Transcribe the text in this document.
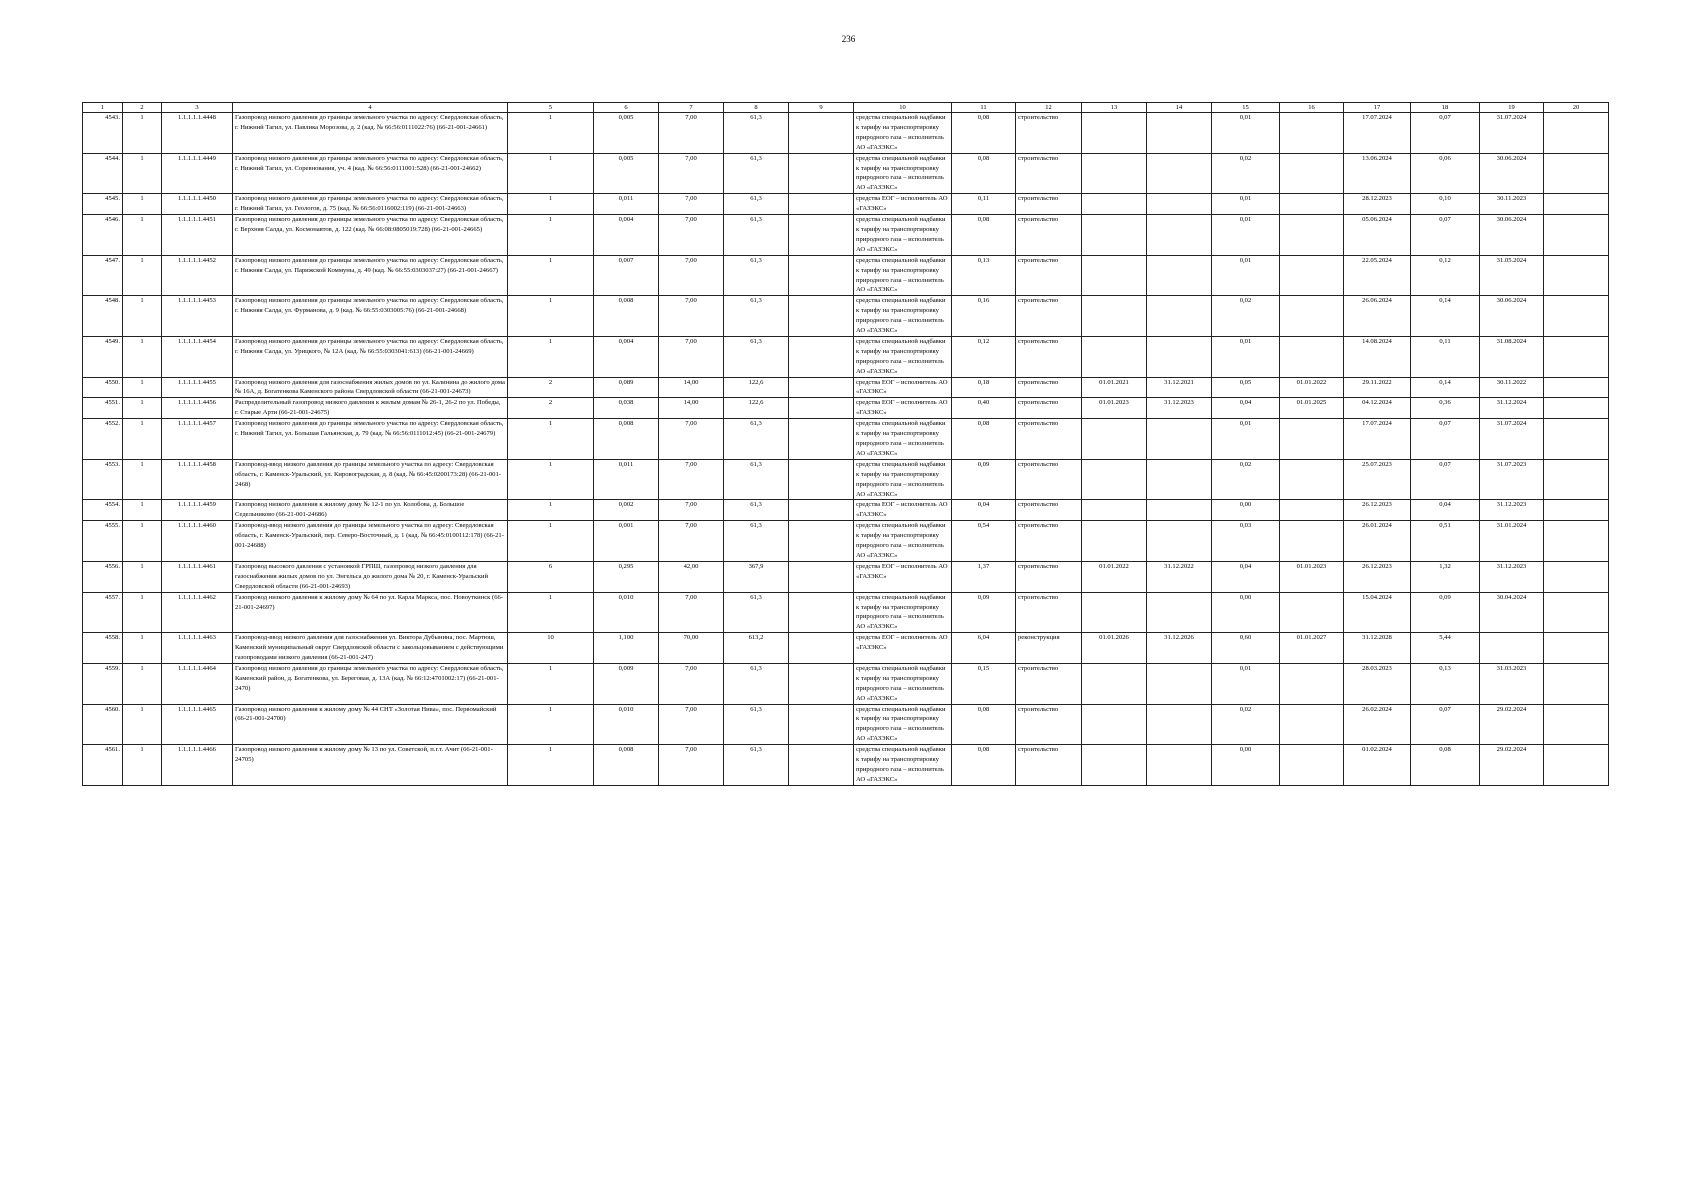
236
1	2	3	4	5	6	7	8	9	10	11	12	13	14	15	16	17	18	19	20
4543.	1	1.1.1.1.1.4448	Газопровод низкого давления до границы земельного участка по адресу: Свердловская область, г. Нижний Тагил, ул. Павлика Морозова, д. 2 (кад. № 66:56:0111022:76) (66-21-001-24661)	1	0,005	7,00	61,3		средства специальной надбавки к тарифу на транспортировку природного газа – исполнитель АО «ГАЗЭКС»	0,08	строительство			0,01		17.07.2024	0,07	31.07.2024	
4544.	1	1.1.1.1.1.4449	Газопровод низкого давления до границы земельного участка по адресу: Свердловская область, г. Нижний Тагил, ул. Соревнования, уч. 4 (кад. № 66:56:0111001:528) (66-21-001-24662)	1	0,005	7,00	61,3		средства специальной надбавки к тарифу на транспортировку природного газа – исполнитель АО «ГАЗЭКС»	0,08	строительство			0,02		13.06.2024	0,06	30.06.2024	
4545.	1	1.1.1.1.1.4450	Газопровод низкого давления до границы земельного участка по адресу: Свердловская область, г. Нижний Тагил, ул. Геологов, д. 75 (кад. № 66:56:0116002:119) (66-21-001-24663)	1	0,011	7,00	61,3		средства ЕОГ – исполнитель АО «ГАЗЭКС»	0,11	строительство			0,01		28.12.2023	0,10	30.11.2023	
4546.	1	1.1.1.1.1.4451	Газопровод низкого давления до границы земельного участка по адресу: Свердловская область, г. Верхняя Салда, ул. Космонавтов, д. 122 (кад. № 66:08:0805019:728) (66-21-001-24665)	1	0,004	7,00	61,3		средства специальной надбавки к тарифу на транспортировку природного газа – исполнитель АО «ГАЗЭКС»	0,08	строительство			0,01		05.06.2024	0,07	30.06.2024	
4547.	1	1.1.1.1.1.4452	Газопровод низкого давления до границы земельного участка по адресу: Свердловская область, г. Нижняя Салда, ул. Парижской Коммуны, д. 49 (кад. № 66:55:0303037:27) (66-21-001-24667)	1	0,007	7,00	61,3		средства специальной надбавки к тарифу на транспортировку природного газа – исполнитель АО «ГАЗЭКС»	0,13	строительство			0,01		22.05.2024	0,12	31.05.2024	
4548.	1	1.1.1.1.1.4453	Газопровод низкого давления до границы земельного участка по адресу: Свердловская область, г. Нижняя Салда, ул. Фурманова, д. 9 (кад. № 66:55:0303005:76) (66-21-001-24668)	1	0,008	7,00	61,3		средства специальной надбавки к тарифу на транспортировку природного газа – исполнитель АО «ГАЗЭКС»	0,16	строительство			0,02		26.06.2024	0,14	30.06.2024	
4549.	1	1.1.1.1.1.4454	Газопровод низкого давления до границы земельного участка по адресу: Свердловская область, г. Нижняя Салда, ул. Урицкого, № 12А (кад. № 66:55:0303041:613) (66-21-001-24669)	1	0,004	7,00	61,3		средства специальной надбавки к тарифу на транспортировку природного газа – исполнитель АО «ГАЗЭКС»	0,12	строительство			0,01		14.08.2024	0,11	31.08.2024	
4550.	1	1.1.1.1.1.4455	Газопровод низкого давления для газоснабжения жилых домов по ул. Калинина до жилого дома № 16А, д. Богатенкова Каменского района Свердловской области (66-21-001-24673)	2	0,089	14,00	122,6		средства ЕОГ – исполнитель АО «ГАЗЭКС»	0,18	строительство	01.01.2021	31.12.2021	0,05	01.01.2022	29.11.2022	0,14	30.11.2022	
4551.	1	1.1.1.1.1.4456	Распределительный газопровод низкого давления к жилым домам № 26-1, 26-2 по ул. Победы, г. Старые Арти (66-21-001-24675)	2	0,038	14,00	122,6		средства ЕОГ – исполнитель АО «ГАЗЭКС»	0,40	строительство	01.01.2023	31.12.2023	0,04	01.01.2025	04.12.2024	0,36	31.12.2024	
4552.	1	1.1.1.1.1.4457	Газопровод низкого давления до границы земельного участка по адресу: Свердловская область, г. Нижний Тагил, ул. Большая Гальянская, д. 79 (кад. № 66:56:0111012:45) (66-21-001-24679)	1	0,008	7,00	61,3		средства специальной надбавки к тарифу на транспортировку природного газа – исполнитель АО «ГАЗЭКС»	0,08	строительство			0,01		17.07.2024	0,07	31.07.2024	
4553.	1	1.1.1.1.1.4458	Газопровод-ввод низкого давления до границы земельного участка по адресу: Свердловская область, г. Каменск-Уральский, ул. Кировоградская, д. 8 (кад. № 66:45:0200173:28) (66-21-001-2468)	1	0,011	7,00	61,3		средства специальной надбавки к тарифу на транспортировку природного газа – исполнитель АО «ГАЗЭКС»	0,09	строительство			0,02		25.07.2023	0,07	31.07.2023	
4554.	1	1.1.1.1.1.4459	Газопровод низкого давления к жилому дому № 12-1 по ул. Колобова, д. Большое Седельниково (66-21-001-24686)	1	0,002	7,00	61,3		средства ЕОГ – исполнитель АО «ГАЗЭКС»	0,04	строительство			0,00		26.12.2023	0,04	31.12.2023	
4555.	1	1.1.1.1.1.4460	Газопровод-ввод низкого давления до границы земельного участка по адресу: Свердловская область, г. Каменск-Уральский, пер. Северо-Восточный, д. 1 (кад. № 66:45:0100112:178) (66-21-001-24688)	1	0,001	7,00	61,3		средства специальной надбавки к тарифу на транспортировку природного газа – исполнитель АО «ГАЗЭКС»	0,54	строительство			0,03		26.01.2024	0,51	31.01.2024	
4556.	1	1.1.1.1.1.4461	Газопровод высокого давления с установкой ГРПШ, газопровод низкого давления для газоснабжения жилых домов по ул. Энгельса до жилого дома № 20, г. Каменск-Уральский Свердловской области (66-21-001-24693)	6	0,295	42,00	367,9		средства ЕОГ – исполнитель АО «ГАЗЭКС»	1,37	строительство	01.01.2022	31.12.2022	0,04	01.01.2023	26.12.2023	1,32	31.12.2023	
4557.	1	1.1.1.1.1.4462	Газопровод низкого давления к жилому дому № 64 по ул. Карла Маркса, пос. Новоуткинск (66-21-001-24697)	1	0,010	7,00	61,3		средства специальной надбавки к тарифу на транспортировку природного газа – исполнитель АО «ГАЗЭКС»	0,09	строительство			0,00		15.04.2024	0,09	30.04.2024	
4558.	1	1.1.1.1.1.4463	Газопровод-ввод низкого давления для газоснабжения ул. Виктора Дубынина, пос. Мартюш, Каменский муниципальный округ Свердловской области с закольцовыванием с действующими газопроводами низкого давления (66-21-001-247)	10	1,100	70,00	613,2		средства ЕОГ – исполнитель АО «ГАЗЭКС»	6,04	реконструкция	01.01.2026	31.12.2026	0,60	01.01.2027	31.12.2028	5,44		
4559.	1	1.1.1.1.1.4464	Газопровод низкого давления до границы земельного участка по адресу: Свердловская область, Каменский район, д. Богатенкова, ул. Береговая, д. 13А (кад. № 66:12:4701002:17) (66-21-001-2470)	1	0,009	7,00	61,3		средства специальной надбавки к тарифу на транспортировку природного газа – исполнитель АО «ГАЗЭКС»	0,15	строительство			0,01		28.03.2023	0,13	31.03.2023	
4560.	1	1.1.1.1.1.4465	Газопровод низкого давления к жилому дому № 44 СНТ «Золотая Нива», пос. Первомайский (66-21-001-24700)	1	0,010	7,00	61,3		средства специальной надбавки к тарифу на транспортировку природного газа – исполнитель АО «ГАЗЭКС»	0,08	строительство			0,02		26.02.2024	0,07	29.02.2024	
4561.	1	1.1.1.1.1.4466	Газопровод низкого давления к жилому дому № 13 по ул. Советской, п.г.т. Ачит (66-21-001-24705)	1	0,008	7,00	61,3		средства специальной надбавки к тарифу на транспортировку природного газа – исполнитель АО «ГАЗЭКС»	0,08	строительство			0,00		01.02.2024	0,08	29.02.2024	
